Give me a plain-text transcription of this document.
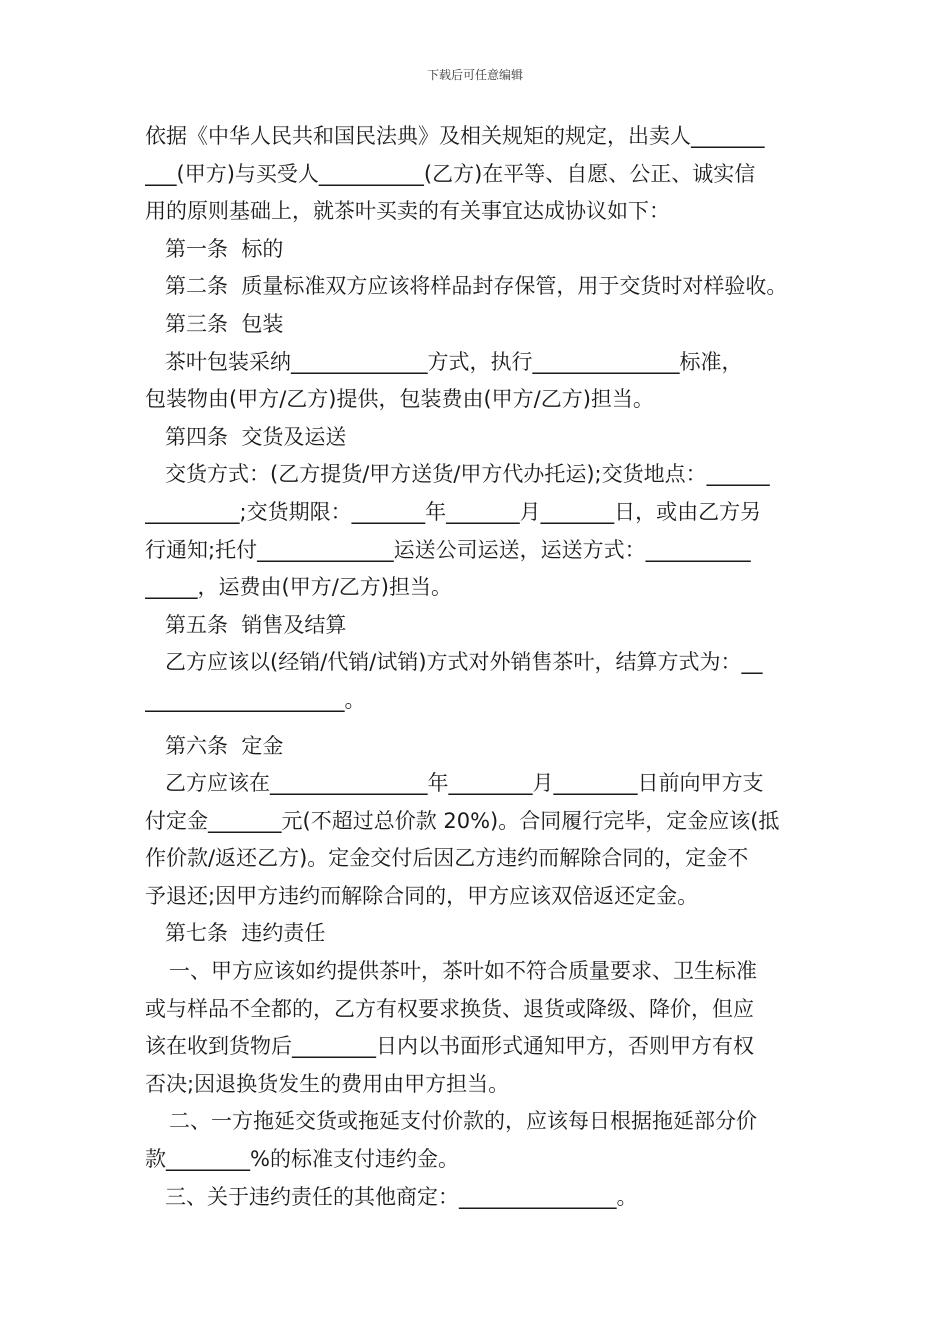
下载后可任意编辑
依据《中华人民共和国民法典》及相关规矩的规定，出卖人_______
___(甲方)与买受人__________(乙方)在平等、自愿、公正、诚实信
用的原则基础上，就茶叶买卖的有关事宜达成协议如下：
第一条  标的
第二条  质量标准双方应该将样品封存保管，用于交货时对样验收。
第三条  包装
茶叶包装采纳_____________方式，执行______________标准，
包装物由(甲方/乙方)提供，包装费由(甲方/乙方)担当。
第四条  交货及运送
交货方式：(乙方提货/甲方送货/甲方代办托运);交货地点：______
_________;交货期限：_______年_______月_______日，或由乙方另
行通知;托付_____________运送公司运送，运送方式：__________
_____，运费由(甲方/乙方)担当。
第五条  销售及结算
乙方应该以(经销/代销/试销)方式对外销售茶叶，结算方式为：__
___________________。
第六条  定金
乙方应该在_______________年________月________日前向甲方支
付定金_______元(不超过总价款 20%)。合同履行完毕，定金应该(抵
作价款/返还乙方)。定金交付后因乙方违约而解除合同的，定金不
予退还;因甲方违约而解除合同的，甲方应该双倍返还定金。
第七条  违约责任
一、甲方应该如约提供茶叶，茶叶如不符合质量要求、卫生标准
或与样品不全都的，乙方有权要求换货、退货或降级、降价，但应
该在收到货物后________日内以书面形式通知甲方，否则甲方有权
否决;因退换货发生的费用由甲方担当。
二、一方拖延交货或拖延支付价款的，应该每日根据拖延部分价
款________%的标准支付违约金。
三、关于违约责任的其他商定：_______________。
